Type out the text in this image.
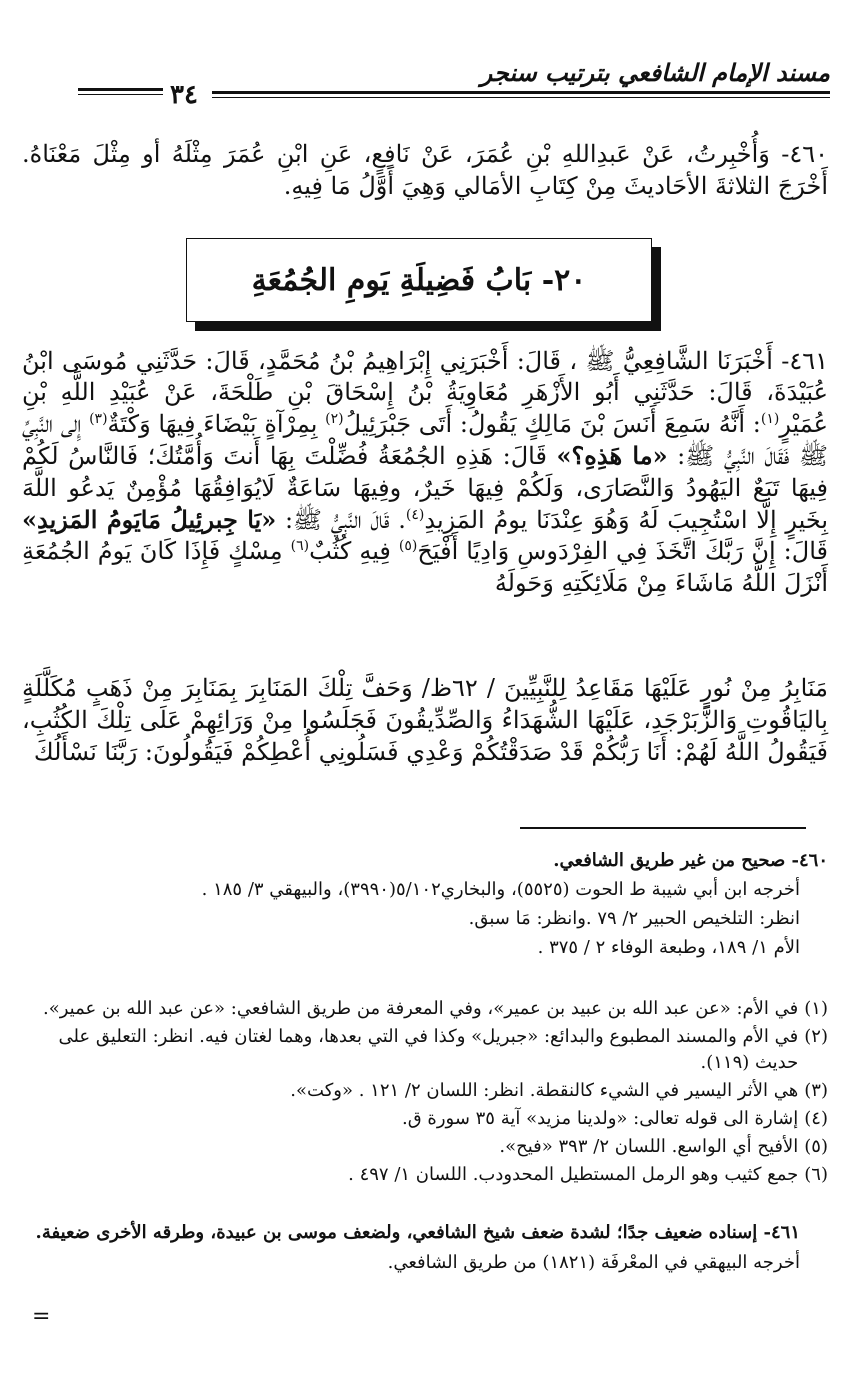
مسند الإمام الشافعي بترتيب سنجر
٣٤
٤٦٠- وَأُخْبِرتُ، عَنْ عَبدِاللهِ بْنِ عُمَرَ، عَنْ نَافِعٍ، عَنِ ابْنِ عُمَرَ مِثْلَهُ أو مِثْلَ مَعْنَاهُ. أَخْرَجَ الثلاثةَ الأحَاديثَ مِنْ كِتَابِ الأمَالي وَهِيَ أَوَّلُ مَا فِيهِ.
٢٠- بَابُ فَضِيلَةِ يَومِ الجُمُعَةِ
٤٦١- أَخْبَرَنَا الشَّافِعِيُّ ﷺ ، قَالَ: أَخْبَرَنِي إِبْرَاهِيمُ بْنُ مُحَمَّدٍ، قَالَ: حَدَّثَنِي مُوسَى ابْنُ عُبَيْدَةَ، قَالَ: حَدَّثَنِي أَبُو الأَزْهَرِ مُعَاوِيَةُ بْنُ إِسْحَاقَ بْنِ طَلْحَةَ، عَنْ عُبَيْدِ اللَّهِ بْنِ عُمَيْرٍ$^{(١)}$: أَنَّهُ سَمِعَ أَنَسَ بْنَ مَالِكٍ يَقُولُ: أَتَى جَبْرَئِيلُ$^{(٢)}$ بِمِرْآةٍ بَيْضَاءَ فِيهَا وَكْتَةٌ$^{(٣)}$ إِلى النَّبِيِّ ﷺ فَقَالَ النَّبِيُّ ﷺ: «ما هَذِهِ؟» قَالَ: هَذِهِ الجُمُعَةُ فُضِّلْتَ بِهَا أَنتَ وَأُمَّتُكَ؛ فَالنَّاسُ لَكُمْ فِيهَا تَبَعٌ اليَهُودُ وَالنَّصَارَى، وَلَكُمْ فِيهَا خَيرٌ، وفِيهَا سَاعَةٌ لَايُوَافِقُهَا مُؤْمِنٌ يَدعُو اللَّهَ بِخَيرٍ إِلَّا اسْتُجِيبَ لَهُ وَهُوَ عِنْدَنَا يومُ المَزِيدِ$^{(٤)}$. قَالَ النَّبِيُّ ﷺ: «يَا جِبرئِيلُ مَايَومُ المَزيدِ» قَالَ: إِنَّ رَبَّكَ اتَّخَذَ فِي الفِرْدَوسِ وَادِيًا أَفْيَحَ$^{(٥)}$ فِيهِ كُثُبٌ$^{(٦)}$ مِسْكٍ فَإِذَا كَانَ يَومُ الجُمُعَةِ أَنْزَلَ اللَّهُ مَاشَاءَ مِنْ مَلَائِكَتِهِ وَحَولَهُ
مَنَابِرُ مِنْ نُورٍ عَلَيْهَا مَقَاعِدُ لِلنَّبِيِّينَ / ٦٢ظ/ وَحَفَّ تِلْكَ المَنَابِرَ بِمَنَابِرَ مِنْ ذَهَبٍ مُكَلَّلَةٍ بِاليَاقُوتِ وَالزَّبَرْجَدِ، عَلَيْهَا الشُّهَدَاءُ وَالصِّدِّيقُونَ فَجَلَسُوا مِنْ وَرَائِهِمْ عَلَى تِلْكَ الكُثُبِ، فَيَقُولُ اللَّهُ لَهُمْ: أَنَا رَبُّكُمْ قَدْ صَدَقْتُكُمْ وَعْدِي فَسَلُونِي أُعْطِكُمْ فَيَقُولُونَ: رَبَّنَا نَسْأَلُكَ
٤٦٠- صحيح من غير طريق الشافعي.
أخرجه ابن أبي شيبة ط الحوت (٥٥٢٥)، والبخاري٥/١٠٢(٣٩٩٠)، والبيهقي ٣/ ١٨٥ .
انظر: التلخيص الحبير ٢/ ٧٩ .وانظر: مَا سبق.
الأم ١/ ١٨٩، وطبعة الوفاء ٢ / ٣٧٥ .
(١)
في الأم: «عن عبد الله بن عبيد بن عمير»، وفي المعرفة من طريق الشافعي: «عن عبد الله بن عمير».
(٢)
في الأم والمسند المطبوع والبدائع: «جبريل» وكذا في التي بعدها، وهما لغتان فيه. انظر: التعليق على حديث (١١٩).
(٣)
هي الأثر اليسير في الشيء كالنقطة. انظر: اللسان ٢/ ١٢١ . «وكت».
(٤)
إشارة الى قوله تعالى: «ولدينا مزيد» آية ٣٥ سورة ق.
(٥)
الأفيح أي الواسع. اللسان ٢/ ٣٩٣ «فيح».
(٦)
جمع كثيب وهو الرمل المستطيل المحدودب. اللسان ١/ ٤٩٧ .
٤٦١- إسناده ضعيف جدًا؛ لشدة ضعف شيخ الشافعي، ولضعف موسى بن عبيدة، وطرقه الأخرى ضعيفة.
أخرجه البيهقي في المعْرفَة (١٨٢١) من طريق الشافعي.
=
